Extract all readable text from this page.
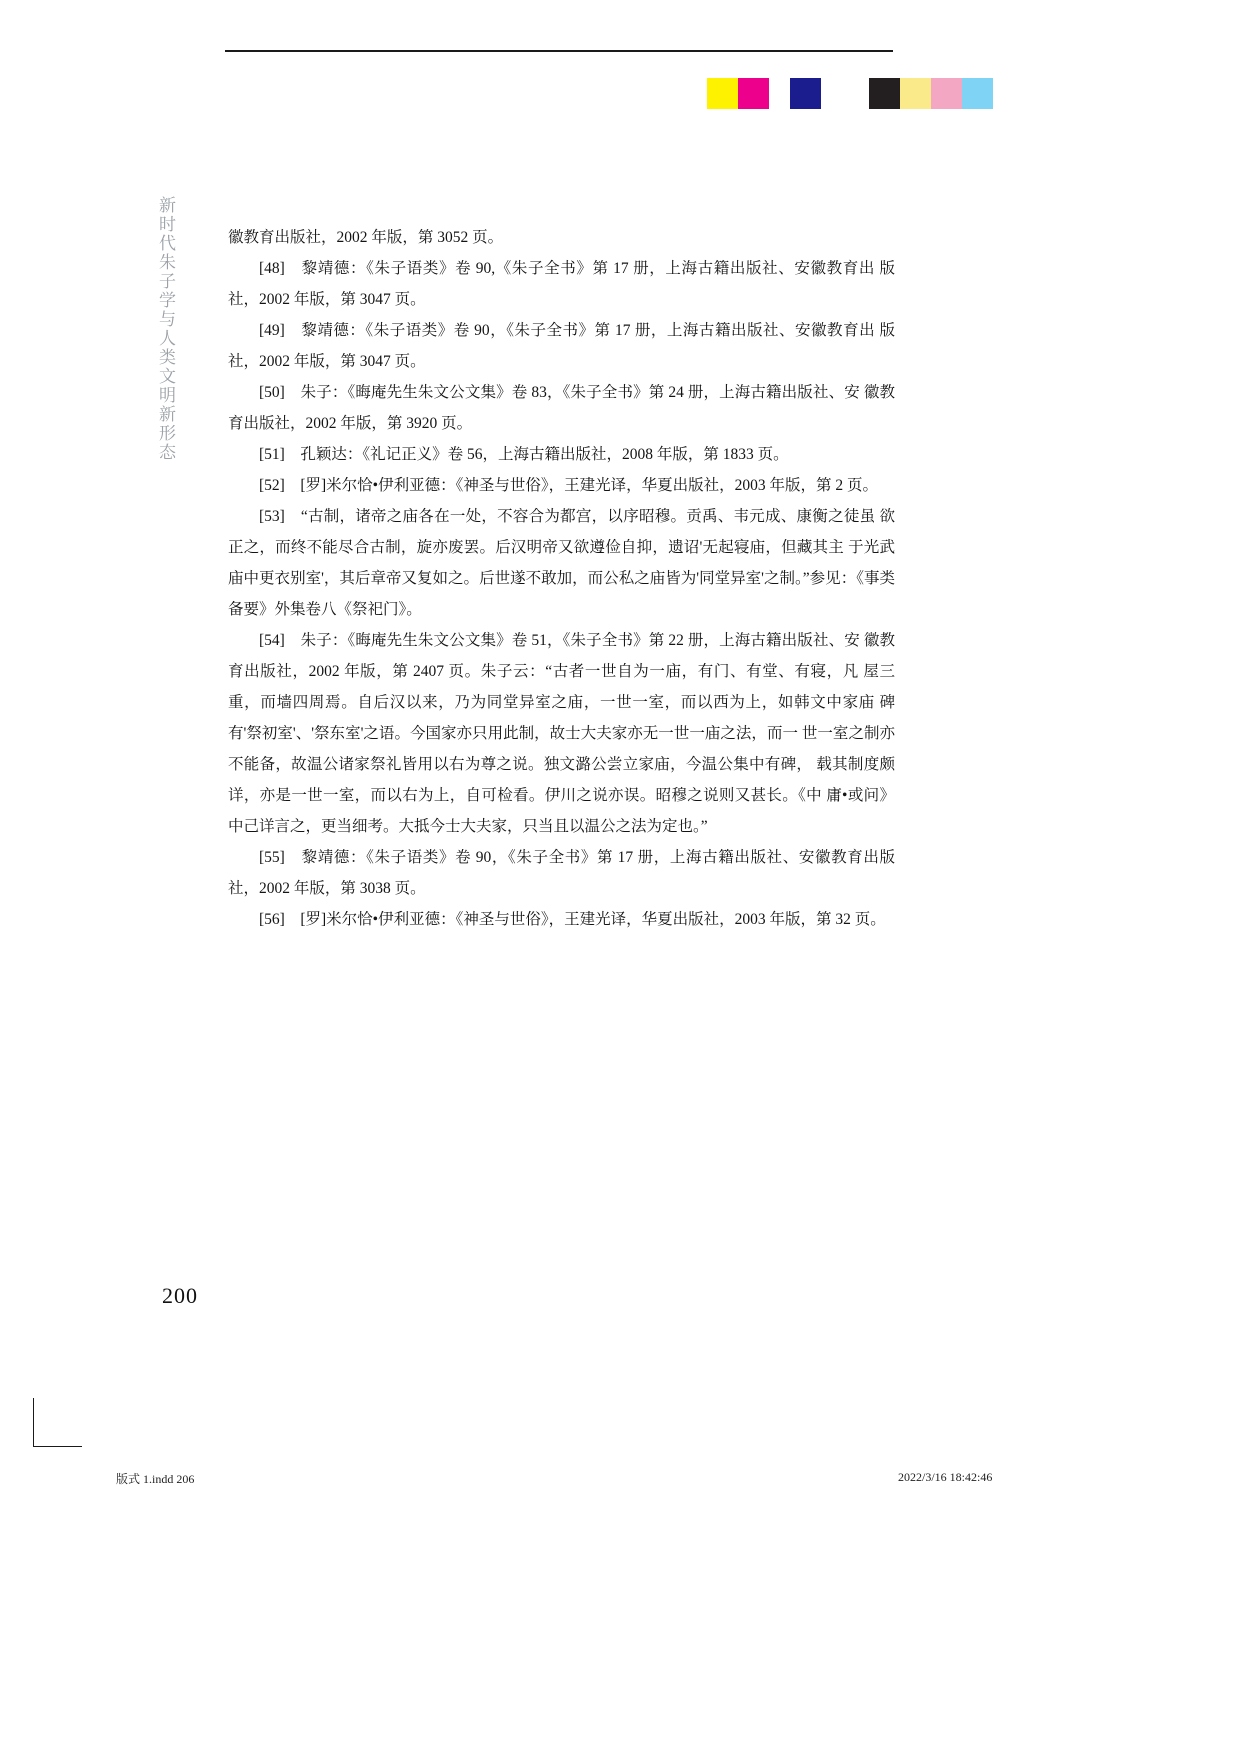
新时代朱子学与人类文明新形态	徽教育出版社，2002 年版，第 3052 页。

[48]　黎靖德：《朱子语类》卷 90,《朱子全书》第 17 册，上海古籍出版社、安徽教育出 版社，2002 年版，第 3047 页。

[49]　黎靖德：《朱子语类》卷 90，《朱子全书》第 17 册，上海古籍出版社、安徽教育出 版社，2002 年版，第 3047 页。

[50]　朱子：《晦庵先生朱文公文集》卷 83，《朱子全书》第 24 册，上海古籍出版社、安 徽教育出版社，2002 年版，第 3920 页。

[51]　孔颖达：《礼记正义》卷 56，上海古籍出版社，2008 年版，第 1833 页。

[52]　[罗]米尔恰•伊利亚德：《神圣与世俗》，王建光译，华夏出版社，2003 年版，第 2 页。

[53]　“古制，诸帝之庙各在一处，不容合为都宫，以序昭穆。贡禹、韦元成、康衡之徒虽 欲正之，而终不能尽合古制，旋亦废罢。后汉明帝又欲遵俭自抑，遗诏'无起寝庙，但藏其主 于光武庙中更衣别室'，其后章帝又复如之。后世遂不敢加，而公私之庙皆为'同堂异室'之制。”参见：《事类备要》外集卷八《祭祀门》。

[54]　朱子：《晦庵先生朱文公文集》卷 51，《朱子全书》第 22 册，上海古籍出版社、安 徽教育出版社，2002 年版，第 2407 页。朱子云：“古者一世自为一庙，有门、有堂、有寝，凡 屋三重，而墙四周焉。自后汉以来，乃为同堂异室之庙，一世一室，而以西为上，如韩文中家庙 碑有'祭初室'、'祭东室'之语。今国家亦只用此制，故士大夫家亦无一世一庙之法，而一 世一室之制亦不能备，故温公诸家祭礼皆用以右为尊之说。独文潞公尝立家庙，今温公集中有碑， 载其制度颇详，亦是一世一室，而以右为上，自可检看。伊川之说亦误。昭穆之说则又甚长。《中 庸•或问》中己详言之，更当细考。大抵今士大夫家，只当且以温公之法为定也。”

[55]　黎靖德：《朱子语类》卷 90，《朱子全书》第 17 册，上海古籍出版社、安徽教育出版社，2002 年版，第 3038 页。

[56]　[罗]米尔恰•伊利亚德：《神圣与世俗》，王建光译，华夏出版社，2003 年版，第 32 页。

200
版式 1.indd 206	2022/3/16 18:42:46
